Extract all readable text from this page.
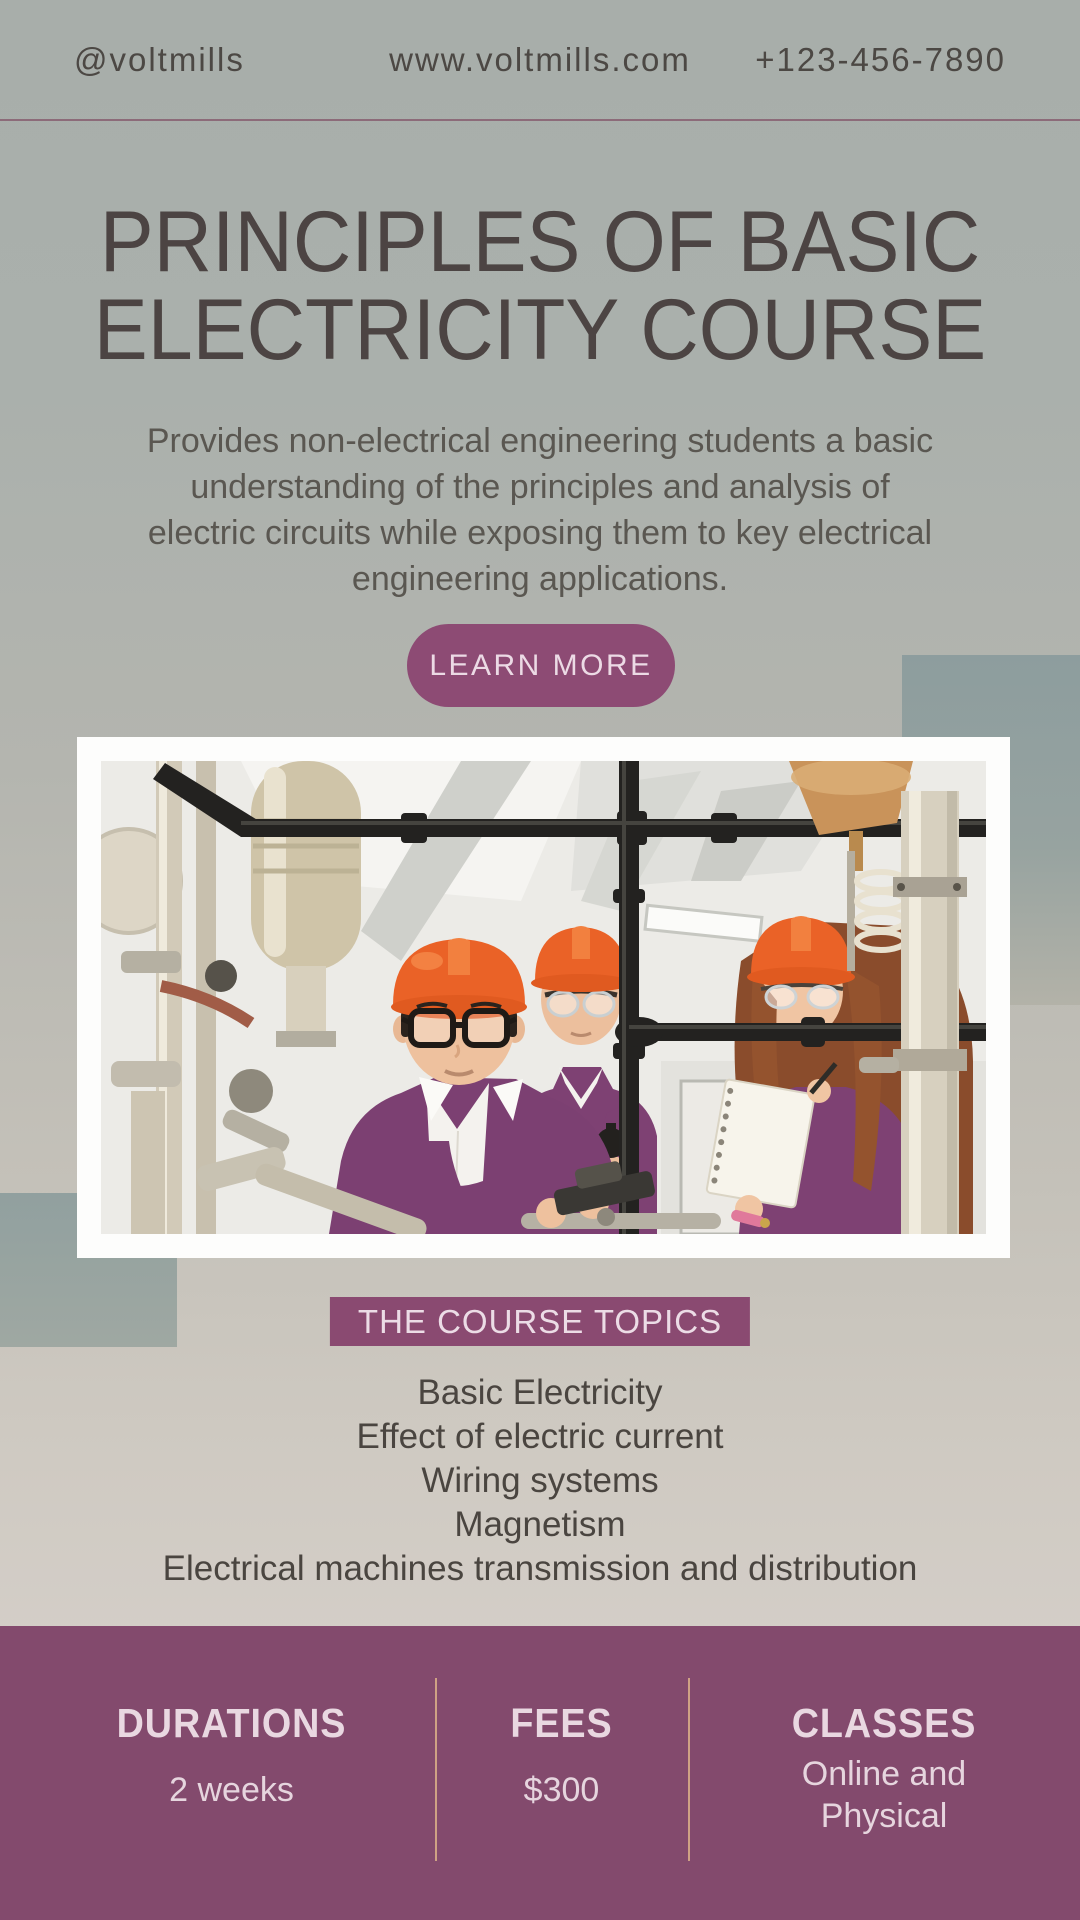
@voltmills	www.voltmills.com	+123-456-7890
PRINCIPLES OF BASIC
ELECTRICITY COURSE
Provides non-electrical engineering students a basic
understanding of the principles and analysis of
electric circuits while exposing them to key electrical
engineering applications.
LEARN MORE
THE COURSE TOPICS
Basic Electricity
Effect of electric current
Wiring systems
Magnetism
Electrical machines transmission and distribution
DURATIONS
2 weeks
FEES
$300
CLASSES
Online and Physical
